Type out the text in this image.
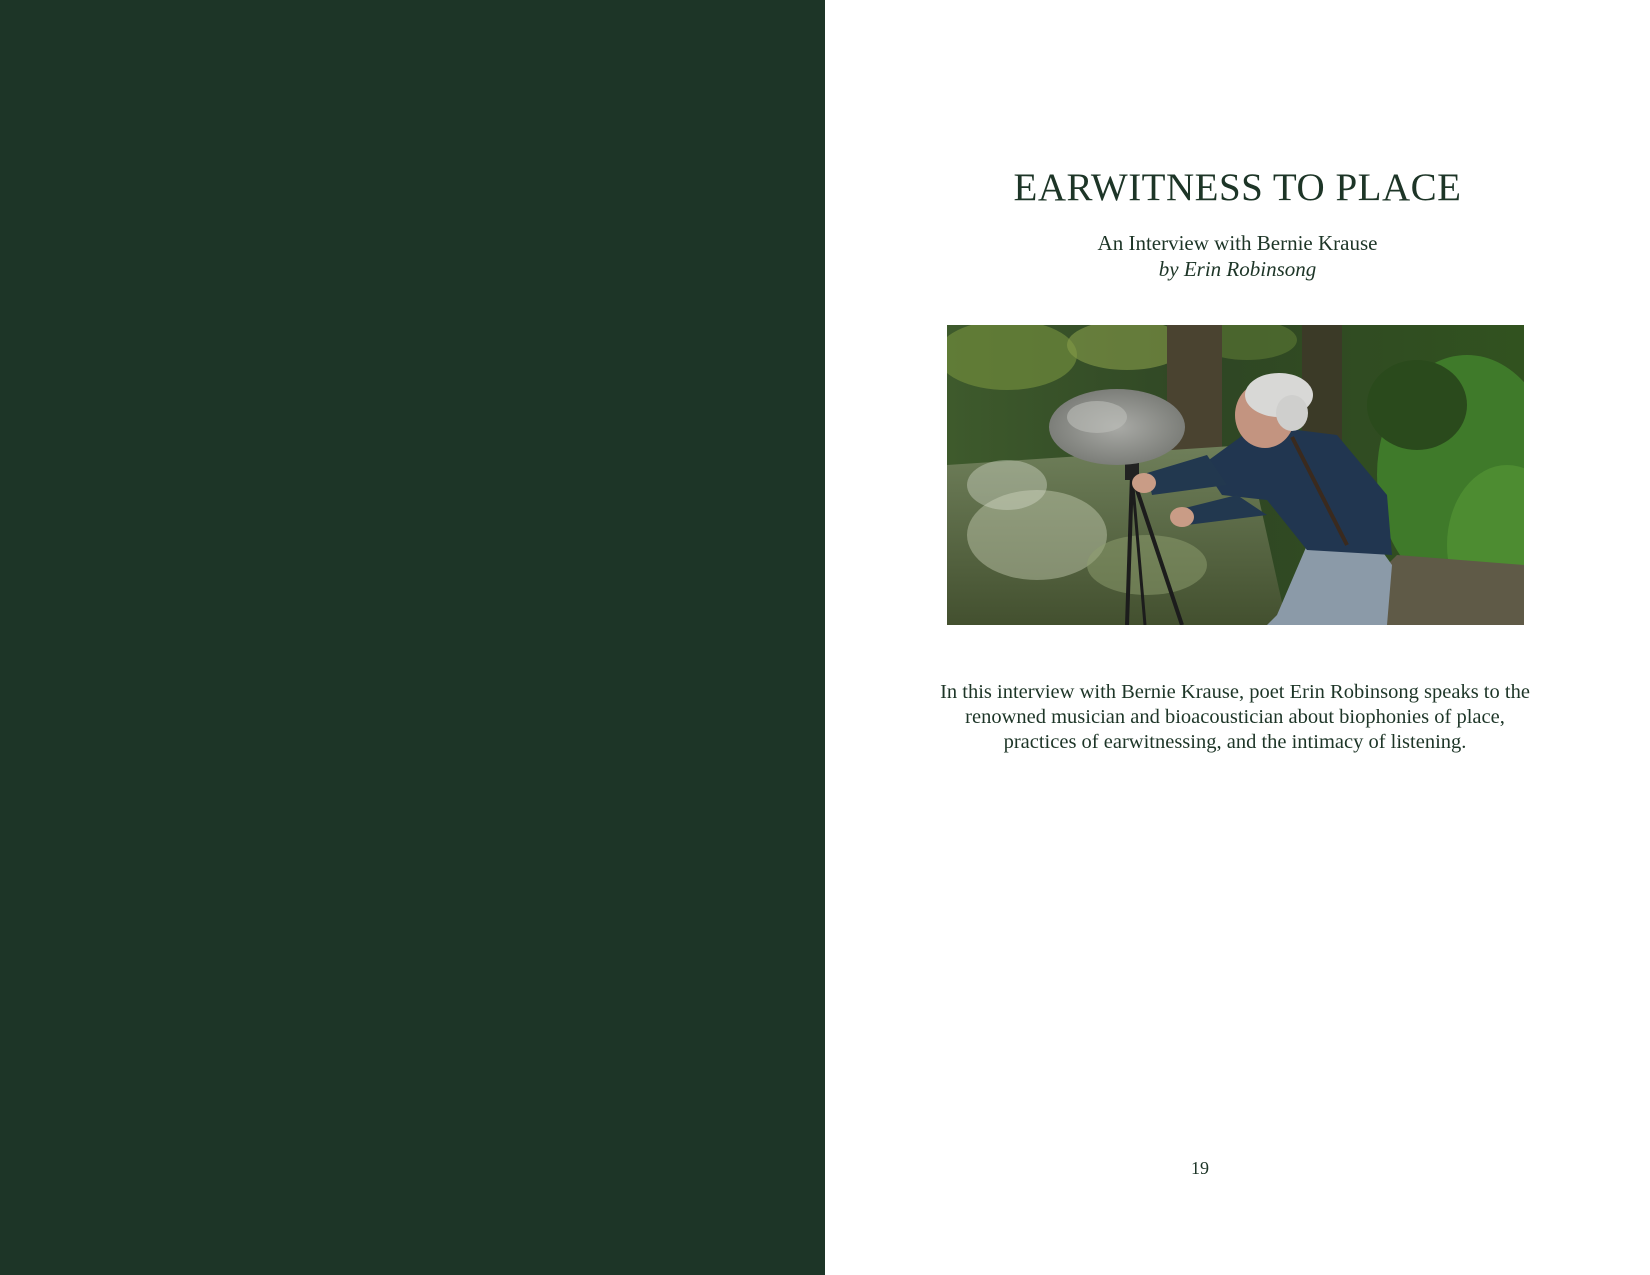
EARWITNESS TO PLACE
An Interview with Bernie Krause
by Erin Robinsong

In this interview with Bernie Krause, poet Erin Robinsong speaks to the renowned musician and bioacoustician about biophonies of place, practices of earwitnessing, and the intimacy of listening.

19
